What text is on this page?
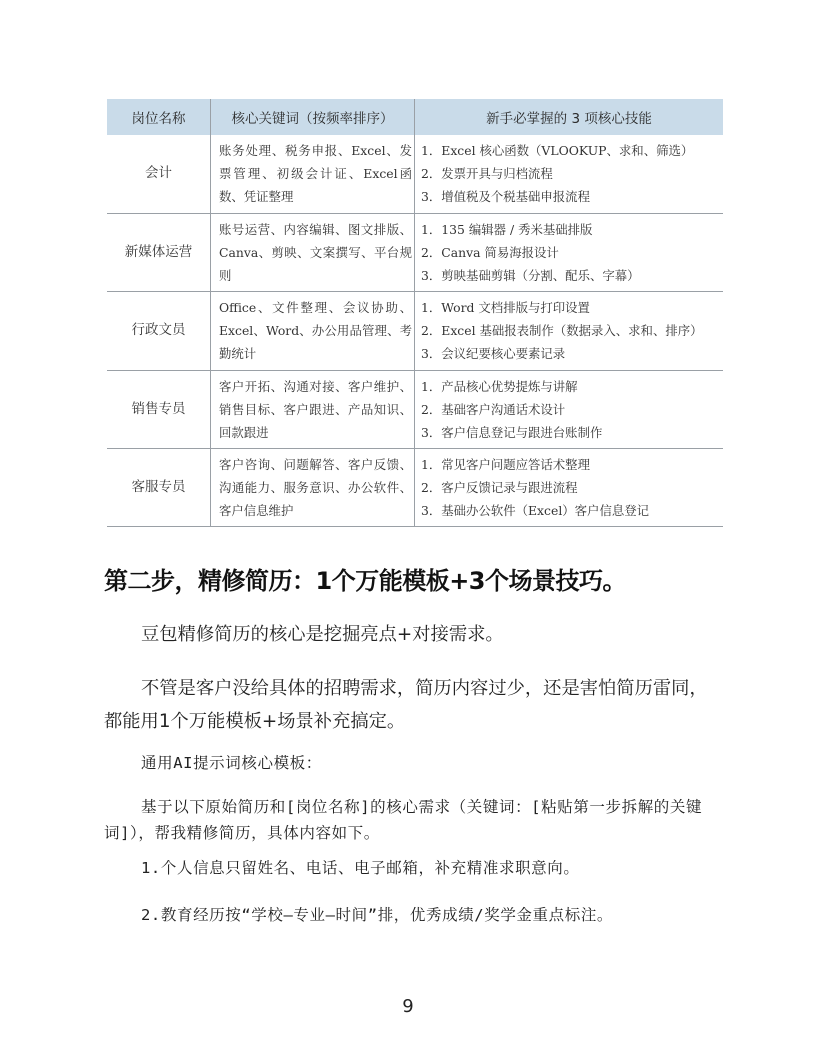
岗位名称	核心关键词（按频率排序）	新手必掌握的 3 项核心技能
会计	账务处理、税务申报、Excel、发票管理、初级会计证、Excel函数、凭证整理	1．Excel 核心函数（VLOOKUP、求和、筛选）
2．发票开具与归档流程
3．增值税及个税基础申报流程

新媒体运营	账号运营、内容编辑、图文排版、Canva、剪映、文案撰写、平台规则	1．135 编辑器 / 秀米基础排版
2．Canva 简易海报设计
3．剪映基础剪辑（分割、配乐、字幕）

行政文员	Office、文件整理、会议协助、Excel、Word、办公用品管理、考勤统计	1．Word 文档排版与打印设置
2．Excel 基础报表制作（数据录入、求和、排序）
3．会议纪要核心要素记录

销售专员	客户开拓、沟通对接、客户维护、销售目标、客户跟进、产品知识、回款跟进	1．产品核心优势提炼与讲解
2．基础客户沟通话术设计
3．客户信息登记与跟进台账制作

客服专员	客户咨询、问题解答、客户反馈、沟通能力、服务意识、办公软件、客户信息维护	1．常见客户问题应答话术整理
2．客户反馈记录与跟进流程
3．基础办公软件（Excel）客户信息登记
第二步，精修简历：1个万能模板+3个场景技巧。

豆包精修简历的核心是挖掘亮点+对接需求。

不管是客户没给具体的招聘需求，简历内容过少，还是害怕简历雷同，都能用1个万能模板+场景补充搞定。

通用AI提示词核心模板：

基于以下原始简历和[岗位名称]的核心需求（关键词：[粘贴第一步拆解的关键词]），帮我精修简历，具体内容如下。

1.个人信息只留姓名、电话、电子邮箱，补充精准求职意向。

2.教育经历按“学校—专业—时间”排，优秀成绩/奖学金重点标注。

9
